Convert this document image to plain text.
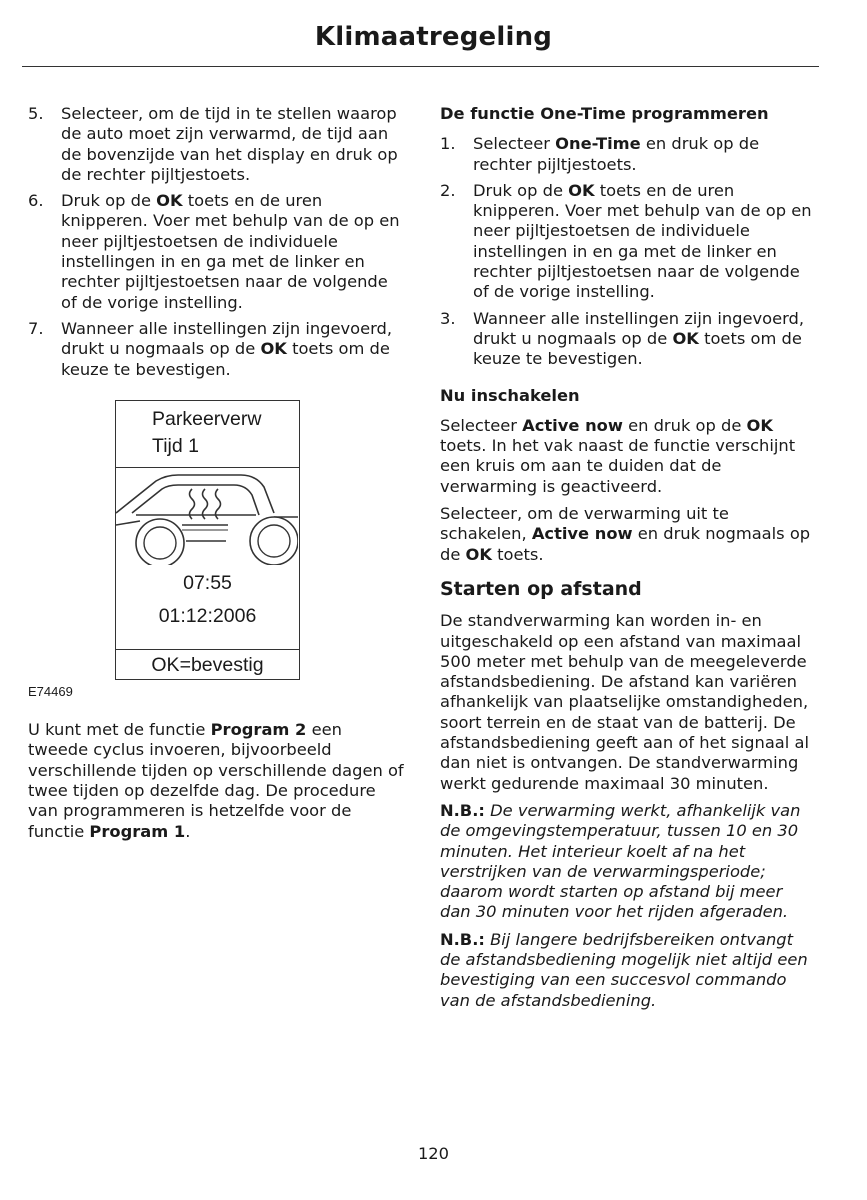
Klimaatregeling
5. Selecteer, om de tijd in te stellen waarop de auto moet zijn verwarmd, de tijd aan de bovenzijde van het display en druk op de rechter pijltjestoets.
6. Druk op de OK toets en de uren knipperen. Voer met behulp van de op en neer pijltjestoetsen de individuele instellingen in en ga met de linker en rechter pijltjestoetsen naar de volgende of de vorige instelling.
7. Wanneer alle instellingen zijn ingevoerd, drukt u nogmaals op de OK toets om de keuze te bevestigen.
Parkeerverw
Tijd 1
07:55
01:12:2006
OK=bevestig
E74469

U kunt met de functie Program 2 een tweede cyclus invoeren, bijvoorbeeld verschillende tijden op verschillende dagen of twee tijden op dezelfde dag. De procedure van programmeren is hetzelfde voor de functie Program 1.

De functie One-Time programmeren
1. Selecteer One-Time en druk op de rechter pijltjestoets.
2. Druk op de OK toets en de uren knipperen. Voer met behulp van de op en neer pijltjestoetsen de individuele instellingen in en ga met de linker en rechter pijltjestoetsen naar de volgende of de vorige instelling.
3. Wanneer alle instellingen zijn ingevoerd, drukt u nogmaals op de OK toets om de keuze te bevestigen.
Nu inschakelen

Selecteer Active now en druk op de OK toets. In het vak naast de functie verschijnt een kruis om aan te duiden dat de verwarming is geactiveerd.

Selecteer, om de verwarming uit te schakelen, Active now en druk nogmaals op de OK toets.

Starten op afstand

De standverwarming kan worden in- en uitgeschakeld op een afstand van maximaal 500 meter met behulp van de meegeleverde afstandsbediening. De afstand kan variëren afhankelijk van plaatselijke omstandigheden, soort terrein en de staat van de batterij. De afstandsbediening geeft aan of het signaal al dan niet is ontvangen. De standverwarming werkt gedurende maximaal 30 minuten.

N.B.: De verwarming werkt, afhankelijk van de omgevingstemperatuur, tussen 10 en 30 minuten. Het interieur koelt af na het verstrijken van de verwarmingsperiode; daarom wordt starten op afstand bij meer dan 30 minuten voor het rijden afgeraden.

N.B.: Bij langere bedrijfsbereiken ontvangt de afstandsbediening mogelijk niet altijd een bevestiging van een succesvol commando van de afstandsbediening.

120
